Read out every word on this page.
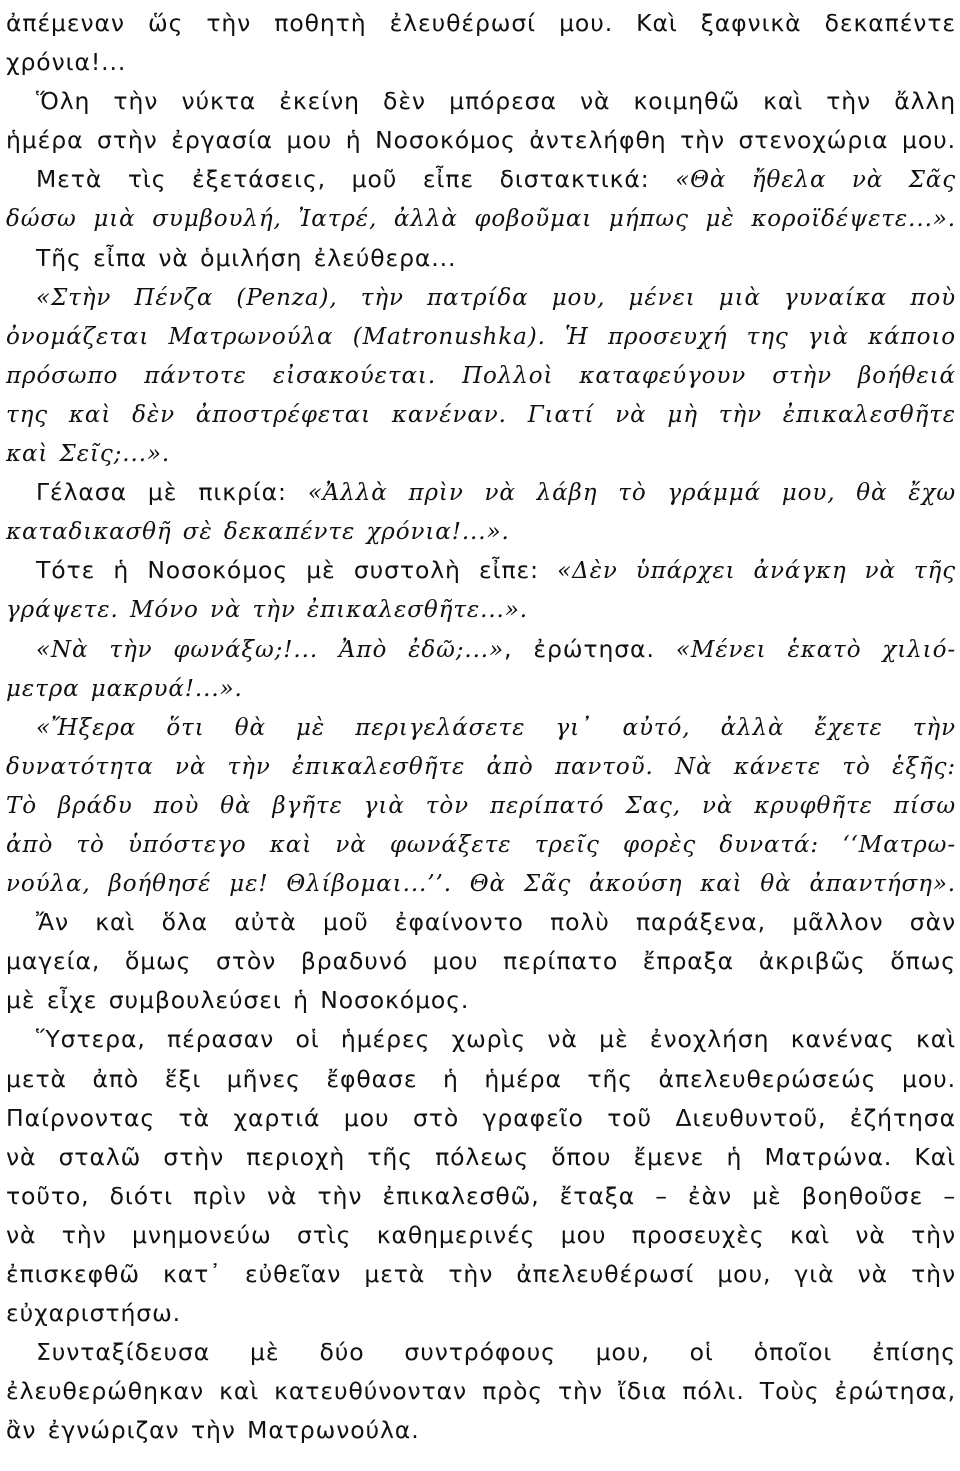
ἀπέμεναν ὥς τὴν ποθητὴ ἐλευθέρωσί μου. Καὶ ξαφνικὰ δεκαπέντε
χρόνια!...
Ὅλη τὴν νύκτα ἐκείνη δὲν μπόρεσα νὰ κοιμηθῶ καὶ τὴν ἄλλη
ἡμέρα στὴν ἐργασία μου ἡ Νοσοκόμος ἀντελήφθη τὴν στενοχώρια μου.
Μετὰ τὶς ἐξετάσεις, μοῦ εἶπε διστακτικά: «Θὰ ἤθελα νὰ Σᾶς
δώσω μιὰ συμβουλή, Ἰατρέ, ἀλλὰ φοβοῦμαι μήπως μὲ κοροϊδέψετε...».
Τῆς εἶπα νὰ ὁμιλήση ἐλεύθερα...
«Στὴν Πένζα (Penza), τὴν πατρίδα μου, μένει μιὰ γυναίκα ποὺ
ὀνομάζεται Ματρωνούλα (Matronushka). Ἡ προσευχή της γιὰ κάποιο
πρόσωπο πάντοτε εἰσακούεται. Πολλοὶ καταφεύγουν στὴν βοήθειά
της καὶ δὲν ἀποστρέφεται κανέναν. Γιατί νὰ μὴ τὴν ἐπικαλεσθῆτε
καὶ Σεῖς;...».
Γέλασα μὲ πικρία: «Ἀλλὰ πρὶν νὰ λάβη τὸ γράμμά μου, θὰ ἔχω
καταδικασθῆ σὲ δεκαπέντε χρόνια!...».
Τότε ἡ Νοσοκόμος μὲ συστολὴ εἶπε: «Δὲν ὑπάρχει ἀνάγκη νὰ τῆς
γράψετε. Μόνο νὰ τὴν ἐπικαλεσθῆτε...».
«Νὰ τὴν φωνάξω;!... Ἀπὸ ἐδῶ;...», ἐρώτησα. «Μένει ἑκατὸ χιλιό-
μετρα μακρυά!...».
«Ἤξερα ὅτι θὰ μὲ περιγελάσετε γι᾽ αὐτό, ἀλλὰ ἔχετε τὴν
δυνατότητα νὰ τὴν ἐπικαλεσθῆτε ἀπὸ παντοῦ. Νὰ κάνετε τὸ ἑξῆς:
Τὸ βράδυ ποὺ θὰ βγῆτε γιὰ τὸν περίπατό Σας, νὰ κρυφθῆτε πίσω
ἀπὸ τὸ ὑπόστεγο καὶ νὰ φωνάξετε τρεῖς φορὲς δυνατά: ‘‘Ματρω-
νούλα, βοήθησέ με! Θλίβομαι...’’. Θὰ Σᾶς ἀκούση καὶ θὰ ἀπαντήση».
Ἄν καὶ ὅλα αὐτὰ μοῦ ἐφαίνοντο πολὺ παράξενα, μᾶλλον σὰν
μαγεία, ὅμως στὸν βραδυνό μου περίπατο ἔπραξα ἀκριβῶς ὅπως
μὲ εἶχε συμβουλεύσει ἡ Νοσοκόμος.
Ὕστερα, πέρασαν οἱ ἡμέρες χωρὶς νὰ μὲ ἐνοχλήση κανένας καὶ
μετὰ ἀπὸ ἕξι μῆνες ἔφθασε ἡ ἡμέρα τῆς ἀπελευθερώσεώς μου.
Παίρνοντας τὰ χαρτιά μου στὸ γραφεῖο τοῦ Διευθυντοῦ, ἐζήτησα
νὰ σταλῶ στὴν περιοχὴ τῆς πόλεως ὅπου ἔμενε ἡ Ματρώνα. Καὶ
τοῦτο, διότι πρὶν νὰ τὴν ἐπικαλεσθῶ, ἔταξα – ἐὰν μὲ βοηθοῦσε –
νὰ τὴν μνημονεύω στὶς καθημερινές μου προσευχὲς καὶ νὰ τὴν
ἐπισκεφθῶ κατ᾽ εὐθεῖαν μετὰ τὴν ἀπελευθέρωσί μου, γιὰ νὰ τὴν
εὐχαριστήσω.
Συνταξίδευσα μὲ δύο συντρόφους μου, οἱ ὁποῖοι ἐπίσης
ἐλευθερώθηκαν καὶ κατευθύνονταν πρὸς τὴν ἴδια πόλι. Τοὺς ἐρώτησα,
ἂν ἐγνώριζαν τὴν Ματρωνούλα.
